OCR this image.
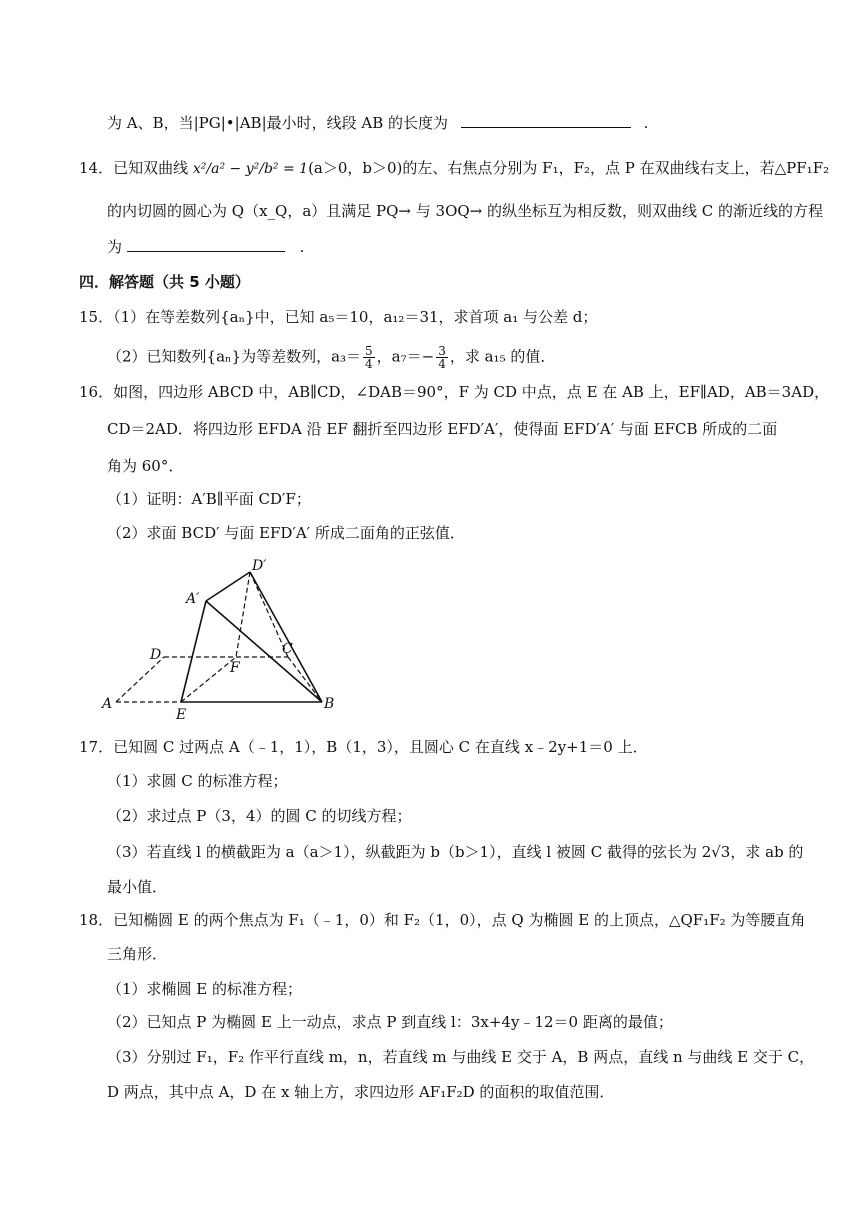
为 A、B，当|PG|•|AB|最小时，线段 AB 的长度为	.
14．已知双曲线 x²/a² − y²/b² = 1(a＞0，b＞0)的左、右焦点分别为 F₁，F₂，点 P 在双曲线右支上，若△PF₁F₂
的内切圆的圆心为 Q（x_Q，a）且满足 PQ→ 与 3OQ→ 的纵坐标互为相反数，则双曲线 C 的渐近线的方程
为	.
四．解答题（共 5 小题）
15．（1）在等差数列{aₙ}中，已知 a₅＝10，a₁₂＝31，求首项 a₁ 与公差 d；
（2）已知数列{aₙ}为等差数列，$a_3= \frac{5}{4}$ ，$a_7=- \frac{3}{4}$ ，求 a₁₅ 的值．
16．如图，四边形 ABCD 中，AB∥CD，∠DAB＝90°，F 为 CD 中点，点 E 在 AB 上，EF∥AD，AB＝3AD，
CD＝2AD．将四边形 EFDA 沿 EF 翻折至四边形 EFD′A′，使得面 EFD′A′ 与面 EFCB 所成的二面
角为 60°．
（1）证明：A′B∥平面 CD′F；
（2）求面 BCD′ 与面 EFD′A′ 所成二面角的正弦值．
D′
A′
D
F
C
A
E
B
17．已知圆 C 过两点 A（﹣1，1），B（1，3），且圆心 C 在直线 x﹣2y+1＝0 上．
（1）求圆 C 的标准方程；
（2）求过点 P（3，4）的圆 C 的切线方程；
（3）若直线 l 的横截距为 a（a＞1），纵截距为 b（b＞1），直线 l 被圆 C 截得的弦长为 2√3，求 ab 的
最小值．
18．已知椭圆 E 的两个焦点为 F₁（﹣1，0）和 F₂（1，0），点 Q 为椭圆 E 的上顶点，△QF₁F₂ 为等腰直角
三角形．
（1）求椭圆 E 的标准方程；
（2）已知点 P 为椭圆 E 上一动点，求点 P 到直线 l：3x+4y﹣12＝0 距离的最值；
（3）分别过 F₁，F₂ 作平行直线 m，n，若直线 m 与曲线 E 交于 A，B 两点，直线 n 与曲线 E 交于 C，
D 两点，其中点 A，D 在 x 轴上方，求四边形 AF₁F₂D 的面积的取值范围．
